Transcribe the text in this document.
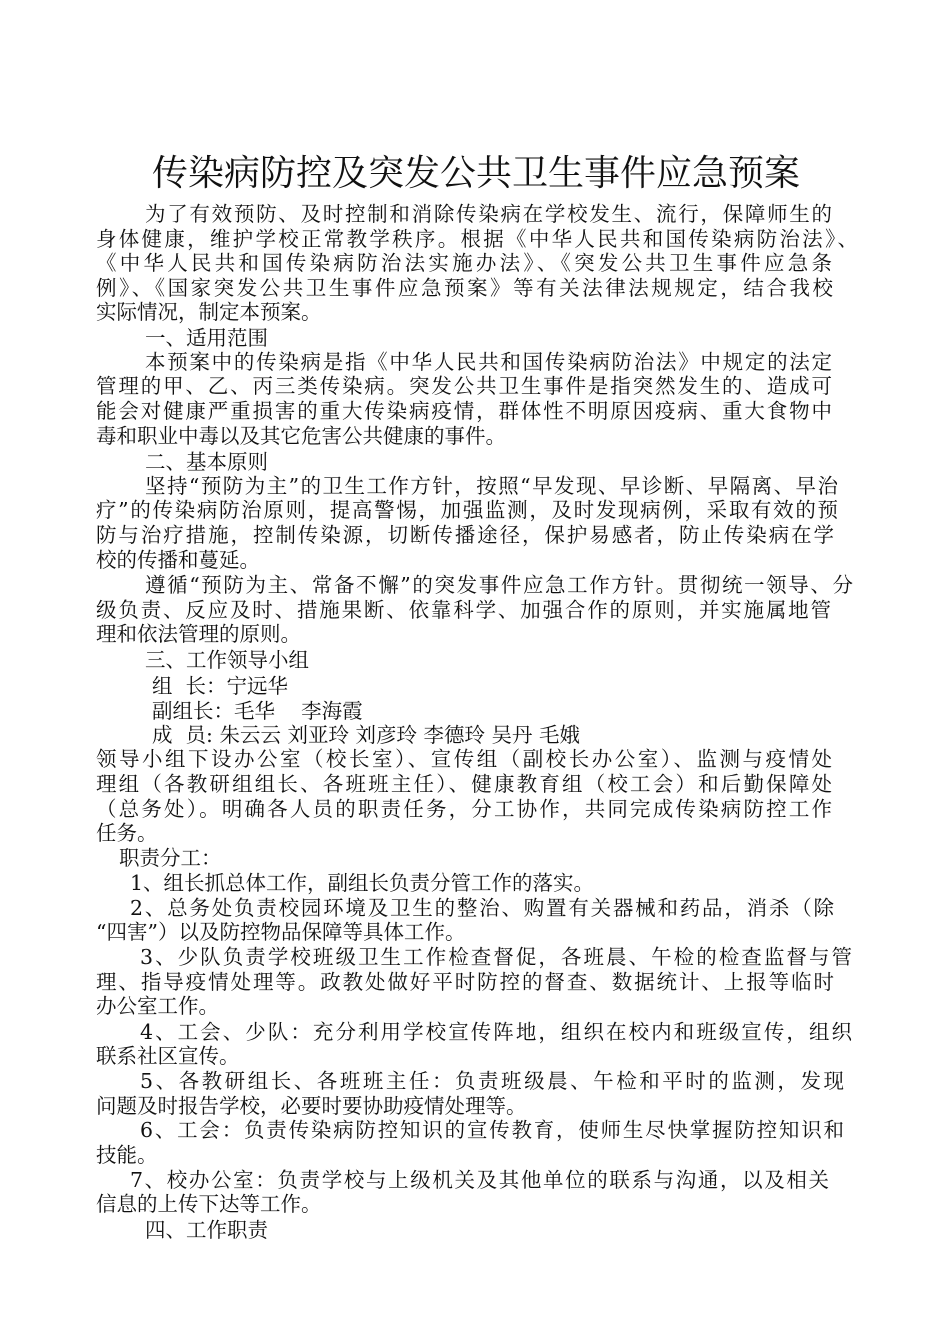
传染病防控及突发公共卫生事件应急预案
为了有效预防、及时控制和消除传染病在学校发生、流行，保障师生的
身体健康，维护学校正常教学秩序。根据《中华人民共和国传染病防治法》、
《中华人民共和国传染病防治法实施办法》、《突发公共卫生事件应急条
例》、《国家突发公共卫生事件应急预案》等有关法律法规规定，结合我校
实际情况，制定本预案。
一、适用范围
本预案中的传染病是指《中华人民共和国传染病防治法》中规定的法定
管理的甲、乙、丙三类传染病。突发公共卫生事件是指突然发生的、造成可
能会对健康严重损害的重大传染病疫情，群体性不明原因疫病、重大食物中
毒和职业中毒以及其它危害公共健康的事件。
二、基本原则
坚持“预防为主”的卫生工作方针，按照“早发现、早诊断、早隔离、早治
疗”的传染病防治原则，提高警惕，加强监测，及时发现病例，采取有效的预
防与治疗措施，控制传染源，切断传播途径，保护易感者，防止传染病在学
校的传播和蔓延。
遵循“预防为主、常备不懈”的突发事件应急工作方针。贯彻统一领导、分
级负责、反应及时、措施果断、依靠科学、加强合作的原则，并实施属地管
理和依法管理的原则。
三、工作领导小组
组  长：宁远华
副组长：毛华    李海霞
成  员: 朱云云 刘亚玲 刘彦玲 李德玲 吴丹 毛娥
领导小组下设办公室（校长室）、宣传组（副校长办公室）、监测与疫情处
理组（各教研组组长、各班班主任）、健康教育组（校工会）和后勤保障处
（总务处）。明确各人员的职责任务，分工协作，共同完成传染病防控工作
任务。
职责分工：
1、组长抓总体工作，副组长负责分管工作的落实。
2、总务处负责校园环境及卫生的整治、购置有关器械和药品，消杀（除
“四害”）以及防控物品保障等具体工作。
3、少队负责学校班级卫生工作检查督促，各班晨、午检的检查监督与管
理、指导疫情处理等。政教处做好平时防控的督查、数据统计、上报等临时
办公室工作。
4、工会、少队：充分利用学校宣传阵地，组织在校内和班级宣传，组织
联系社区宣传。
5、各教研组长、各班班主任：负责班级晨、午检和平时的监测，发现
问题及时报告学校，必要时要协助疫情处理等。
6、工会：负责传染病防控知识的宣传教育，使师生尽快掌握防控知识和
技能。
7、校办公室：负责学校与上级机关及其他单位的联系与沟通，以及相关
信息的上传下达等工作。
四、工作职责
